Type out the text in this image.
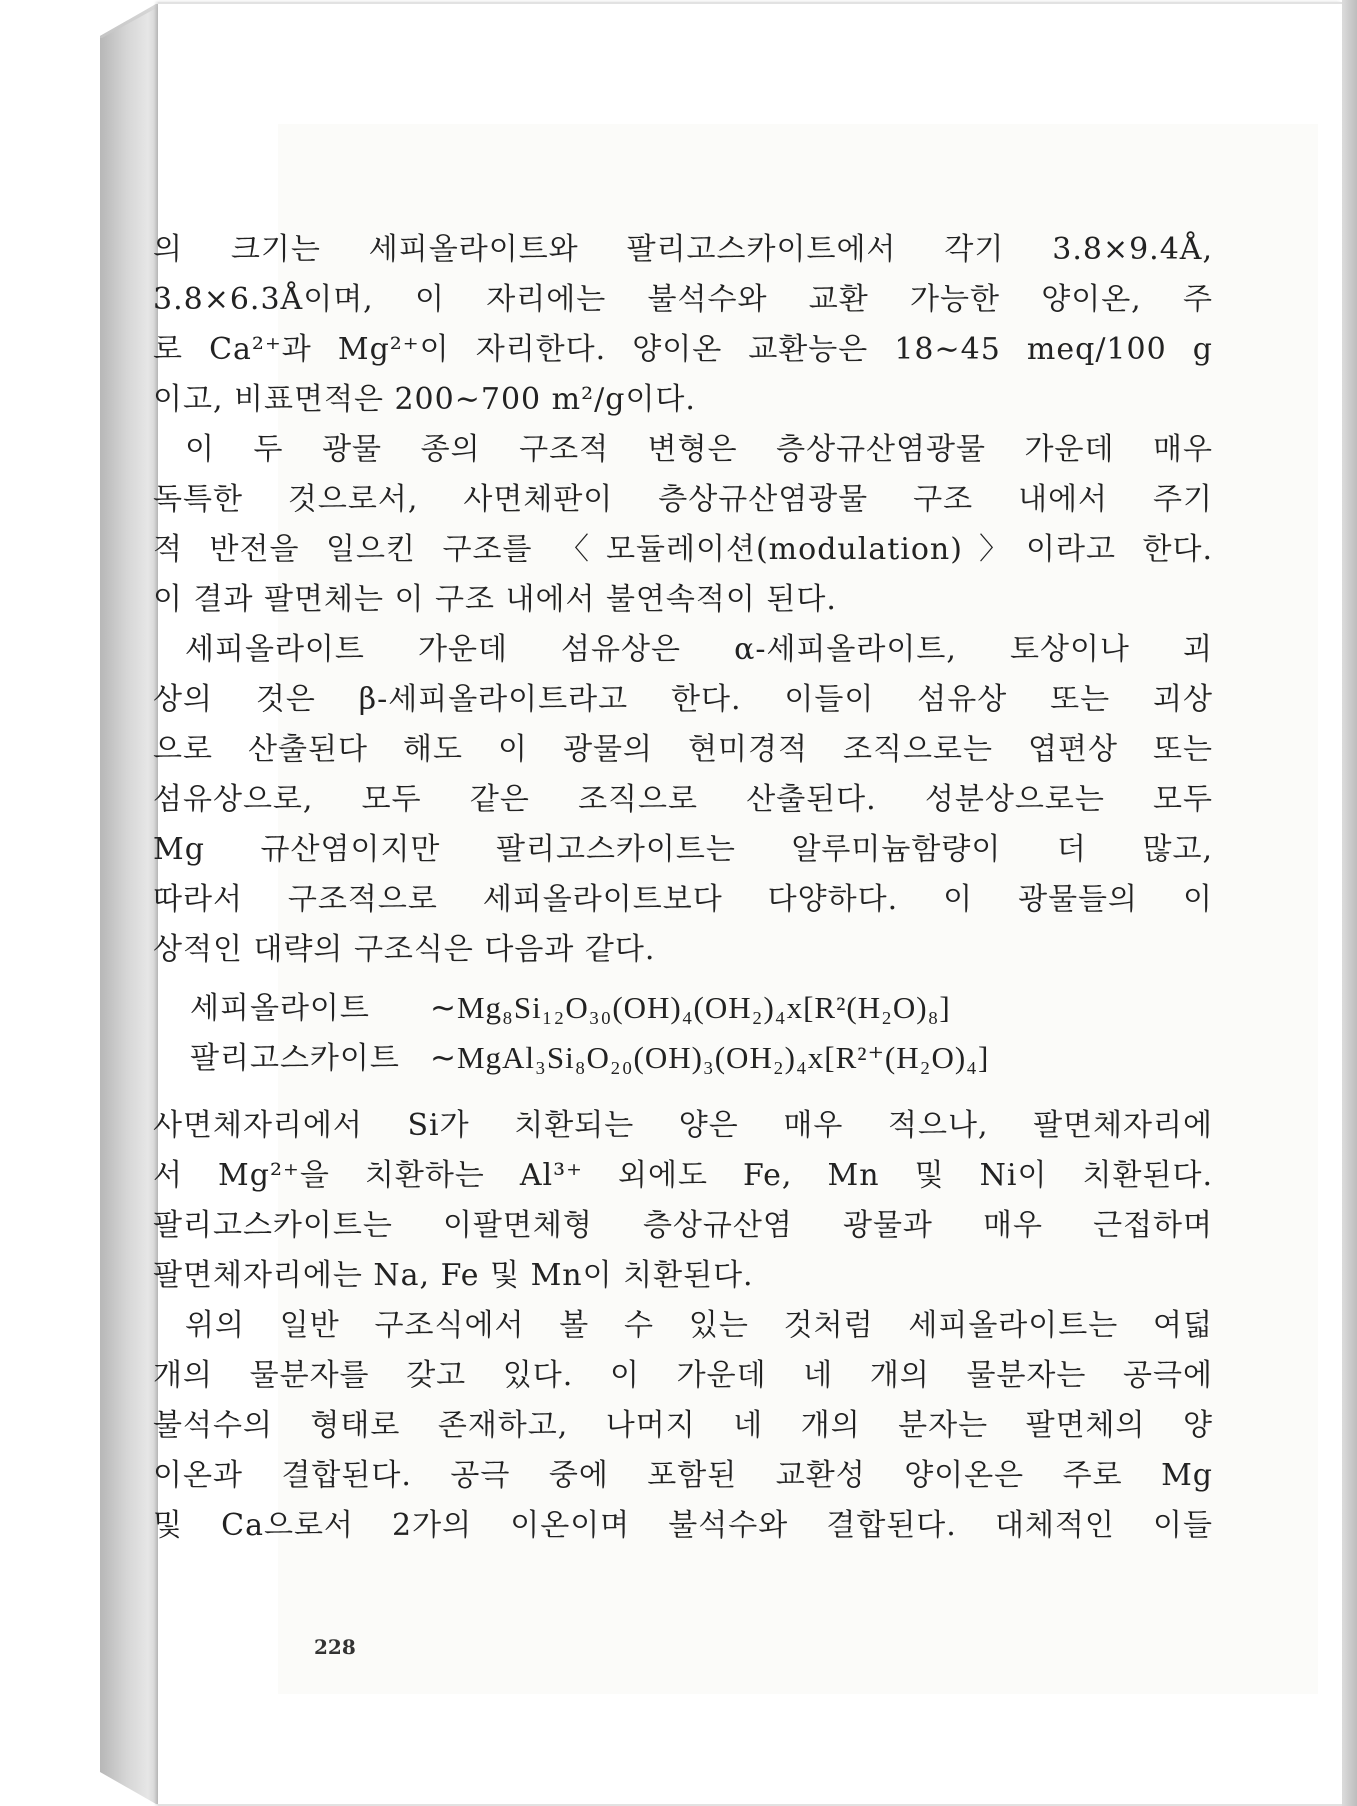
의 크기는 세피올라이트와 팔리고스카이트에서 각기 3.8×9.4Å,
3.8×6.3Å이며, 이 자리에는 불석수와 교환 가능한 양이온, 주
로 Ca²⁺과 Mg²⁺이 자리한다. 양이온 교환능은 18∼45 meq/100 g
이고, 비표면적은 200∼700 m²/g이다.
이 두 광물 종의 구조적 변형은 층상규산염광물 가운데 매우
독특한 것으로서, 사면체판이 층상규산염광물 구조 내에서 주기
적 반전을 일으킨 구조를 〈모듈레이션(modulation)〉이라고 한다.
이 결과 팔면체는 이 구조 내에서 불연속적이 된다.
세피올라이트 가운데 섬유상은 α-세피올라이트, 토상이나 괴
상의 것은 β-세피올라이트라고 한다. 이들이 섬유상 또는 괴상
으로 산출된다 해도 이 광물의 현미경적 조직으로는 엽편상 또는
섬유상으로, 모두 같은 조직으로 산출된다. 성분상으로는 모두
Mg 규산염이지만 팔리고스카이트는 알루미늄함량이 더 많고,
따라서 구조적으로 세피올라이트보다 다양하다. 이 광물들의 이
상적인 대략의 구조식은 다음과 같다.
세피올라이트 ∼Mg₈Si₁₂O₃₀(OH)₄(OH₂)₄x[R²(H₂O)₈]
팔리고스카이트 ∼MgAl₃Si₈O₂₀(OH)₃(OH₂)₄x[R²⁺(H₂O)₄]
사면체자리에서 Si가 치환되는 양은 매우 적으나, 팔면체자리에
서 Mg²⁺을 치환하는 Al³⁺ 외에도 Fe, Mn 및 Ni이 치환된다.
팔리고스카이트는 이팔면체형 층상규산염 광물과 매우 근접하며
팔면체자리에는 Na, Fe 및 Mn이 치환된다.
위의 일반 구조식에서 볼 수 있는 것처럼 세피올라이트는 여덟
개의 물분자를 갖고 있다. 이 가운데 네 개의 물분자는 공극에
불석수의 형태로 존재하고, 나머지 네 개의 분자는 팔면체의 양
이온과 결합된다. 공극 중에 포함된 교환성 양이온은 주로 Mg
및 Ca으로서 2가의 이온이며 불석수와 결합된다. 대체적인 이들
228
